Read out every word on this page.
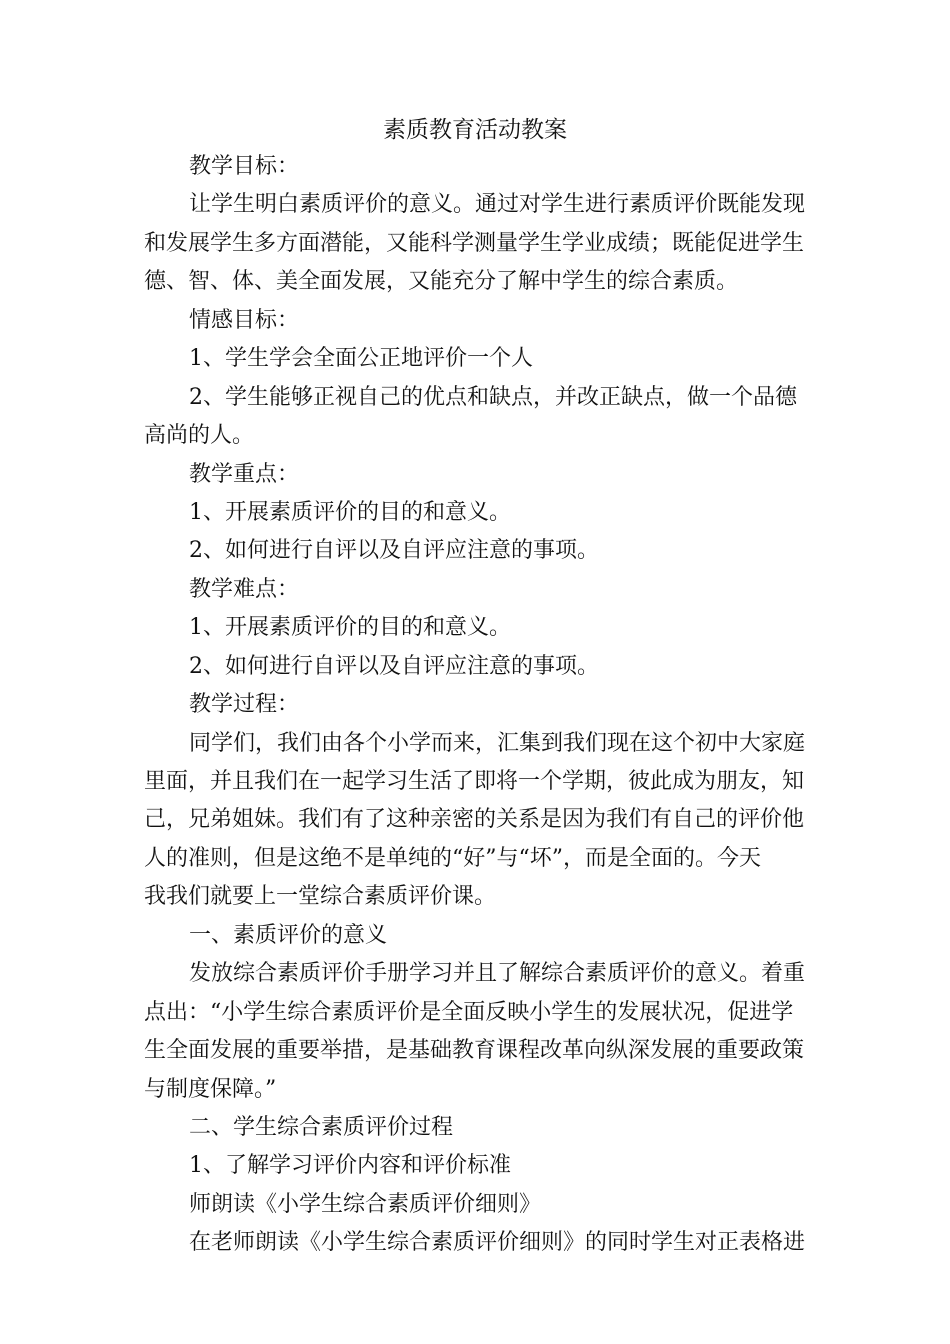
素质教育活动教案
教学目标：
让学生明白素质评价的意义。通过对学生进行素质评价既能发现
和发展学生多方面潜能，又能科学测量学生学业成绩；既能促进学生
德、智、体、美全面发展，又能充分了解中学生的综合素质。
情感目标：
1、学生学会全面公正地评价一个人
2、学生能够正视自己的优点和缺点，并改正缺点，做一个品德
高尚的人。
教学重点：
1、开展素质评价的目的和意义。
2、如何进行自评以及自评应注意的事项。
教学难点：
1、开展素质评价的目的和意义。
2、如何进行自评以及自评应注意的事项。
教学过程：
同学们，我们由各个小学而来，汇集到我们现在这个初中大家庭
里面，并且我们在一起学习生活了即将一个学期，彼此成为朋友，知
己，兄弟姐妹。我们有了这种亲密的关系是因为我们有自己的评价他
人的准则，但是这绝不是单纯的“好”与“坏”，而是全面的。今天
我我们就要上一堂综合素质评价课。
一、素质评价的意义
发放综合素质评价手册学习并且了解综合素质评价的意义。着重
点出：“小学生综合素质评价是全面反映小学生的发展状况，促进学
生全面发展的重要举措，是基础教育课程改革向纵深发展的重要政策
与制度保障。”
二、学生综合素质评价过程
1、了解学习评价内容和评价标准
师朗读《小学生综合素质评价细则》
在老师朗读《小学生综合素质评价细则》的同时学生对正表格进
